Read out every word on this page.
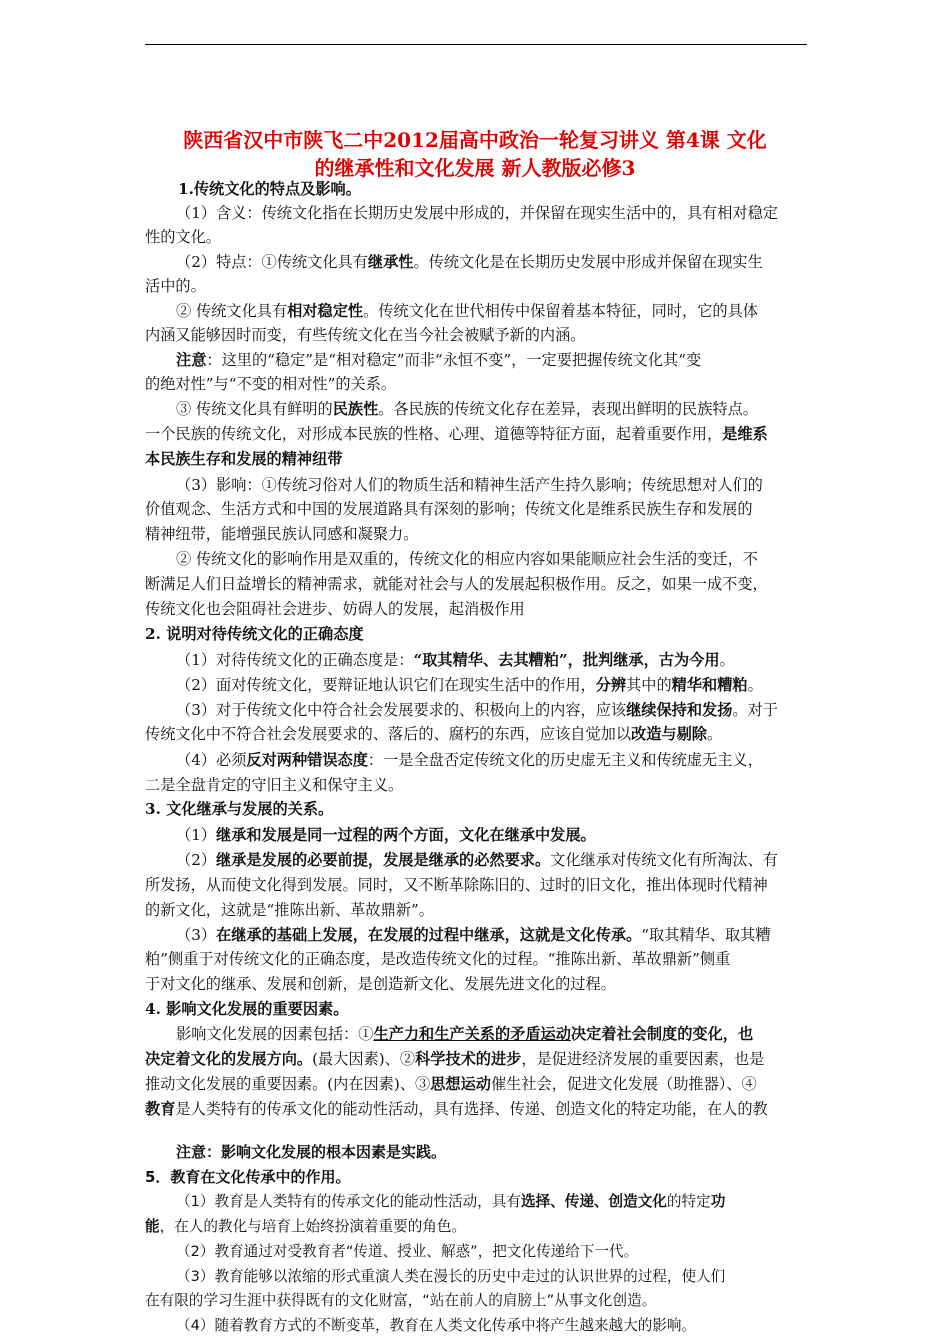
陕西省汉中市陕飞二中2012届高中政治一轮复习讲义 第4课 文化
的继承性和文化发展 新人教版必修3
1.传统文化的特点及影响。
（1）含义：传统文化指在长期历史发展中形成的，并保留在现实生活中的，具有相对稳定
性的文化。
（2）特点：①传统文化具有继承性。传统文化是在长期历史发展中形成并保留在现实生
活中的。
② 传统文化具有相对稳定性。传统文化在世代相传中保留着基本特征，同时，它的具体
内涵又能够因时而变，有些传统文化在当今社会被赋予新的内涵。
注意：这里的“稳定”是“相对稳定”而非“永恒不变”，一定要把握传统文化其“变
的绝对性”与“不变的相对性”的关系。
③ 传统文化具有鲜明的民族性。各民族的传统文化存在差异，表现出鲜明的民族特点。
一个民族的传统文化，对形成本民族的性格、心理、道德等特征方面，起着重要作用，是维系
本民族生存和发展的精神纽带
（3）影响：①传统习俗对人们的物质生活和精神生活产生持久影响；传统思想对人们的
价值观念、生活方式和中国的发展道路具有深刻的影响；传统文化是维系民族生存和发展的
精神纽带，能增强民族认同感和凝聚力。
② 传统文化的影响作用是双重的，传统文化的相应内容如果能顺应社会生活的变迁，不
断满足人们日益增长的精神需求，就能对社会与人的发展起积极作用。反之，如果一成不变，
传统文化也会阻碍社会进步、妨碍人的发展，起消极作用
2. 说明对待传统文化的正确态度
（1）对待传统文化的正确态度是：“取其精华、去其糟粕”，批判继承，古为今用。
（2）面对传统文化，要辩证地认识它们在现实生活中的作用，分辨其中的精华和糟粕。
（3）对于传统文化中符合社会发展要求的、积极向上的内容，应该继续保持和发扬。对于
传统文化中不符合社会发展要求的、落后的、腐朽的东西，应该自觉加以改造与剔除。
（4）必须反对两种错误态度：一是全盘否定传统文化的历史虚无主义和传统虚无主义，
二是全盘肯定的守旧主义和保守主义。
3. 文化继承与发展的关系。
（1）继承和发展是同一过程的两个方面，文化在继承中发展。
（2）继承是发展的必要前提，发展是继承的必然要求。文化继承对传统文化有所淘汰、有
所发扬，从而使文化得到发展。同时，又不断革除陈旧的、过时的旧文化，推出体现时代精神
的新文化，这就是“推陈出新、革故鼎新”。
（3）在继承的基础上发展，在发展的过程中继承，这就是文化传承。“取其精华、取其糟
粕”侧重于对传统文化的正确态度，是改造传统文化的过程。“推陈出新、革故鼎新”侧重
于对文化的继承、发展和创新，是创造新文化、发展先进文化的过程。
4. 影响文化发展的重要因素。
影响文化发展的因素包括：①生产力和生产关系的矛盾运动决定着社会制度的变化，也
决定着文化的发展方向。(最大因素)、②科学技术的进步，是促进经济发展的重要因素，也是
推动文化发展的重要因素。(内在因素)、③思想运动催生社会，促进文化发展（助推器）、④
教育是人类特有的传承文化的能动性活动，具有选择、传递、创造文化的特定功能，在人的教
注意：影响文化发展的根本因素是实践。
5．教育在文化传承中的作用。
（1）教育是人类特有的传承文化的能动性活动，具有选择、传递、创造文化的特定功
能，在人的教化与培育上始终扮演着重要的角色。
（2）教育通过对受教育者“传道、授业、解惑”，把文化传递给下一代。
（3）教育能够以浓缩的形式重演人类在漫长的历史中走过的认识世界的过程，使人们
在有限的学习生涯中获得既有的文化财富，“站在前人的肩膀上”从事文化创造。
（4）随着教育方式的不断变革，教育在人类文化传承中将产生越来越大的影响。
